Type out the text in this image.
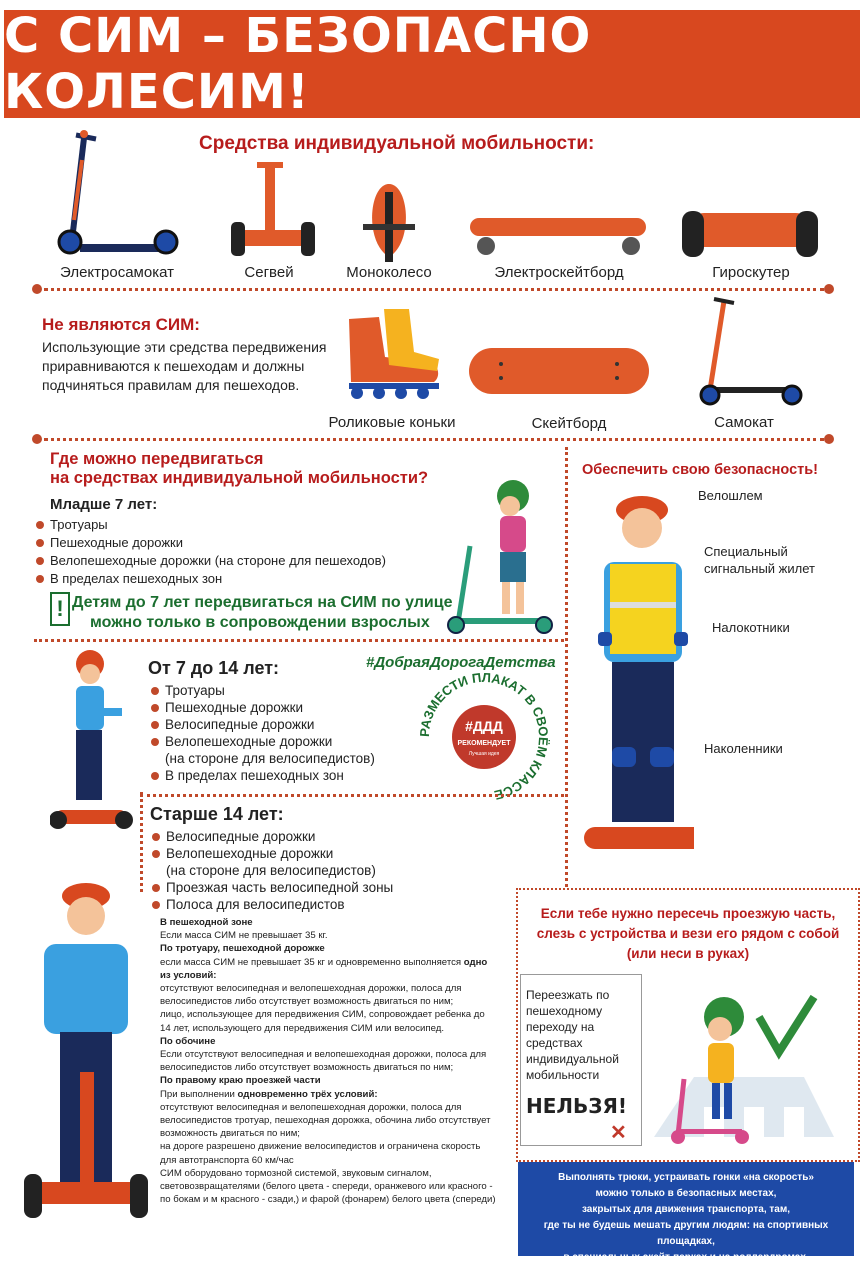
С СИМ – БЕЗОПАСНО КОЛЕСИМ!
Средства индивидуальной мобильности:
Электросамокат	Сегвей	Моноколесо	Электроскейтборд	Гироскутер
Не являются СИМ:
Использующие эти средства передвижения приравниваются к пешеходам и должны подчиняться правилам для пешеходов.
Роликовые коньки	Скейтборд	Самокат
Где можно передвигаться
на средствах индивидуальной мобильности?
Младше 7 лет:
Тротуары
Пешеходные дорожки
Велопешеходные дорожки (на стороне для пешеходов)
В пределах пешеходных зон
! Детям до 7 лет передвигаться на СИМ по улице
можно только в сопровождении взрослых
От 7 до 14 лет:
Тротуары
Пешеходные дорожки
Велосипедные дорожки
Велопешеходные дорожки
(на стороне для велосипедистов)
В пределах пешеходных зон
#ДобраяДорогаДетства
РАЗМЕСТИ ПЛАКАТ В СВОЁМ КЛАССЕ
#ДДД
РЕКОМЕНДУЕТ
Лучшая идея
Старше 14 лет:
Велосипедные дорожки
Велопешеходные дорожки
(на стороне для велосипедистов)
Проезжая часть велосипедной зоны
Полоса для велосипедистов
Обеспечить свою безопасность!
Велошлем
Специальный
сигнальный жилет
Налокотники
Наколенники
В пешеходной зоне
Если масса СИМ не превышает 35 кг.
По тротуару, пешеходной дорожке
если масса СИМ не превышает 35 кг и одновременно выполняется одно из условий:
отсутствуют велосипедная и велопешеходная дорожки, полоса для велосипедистов либо отсутствует возможность двигаться по ним;
лицо, использующее для передвижения СИМ, сопровождает ребенка до 14 лет, использующего для передвижения СИМ или велосипед.
По обочине
Если отсутствуют велосипедная и велопешеходная дорожки, полоса для велосипедистов либо отсутствует возможность двигаться по ним;
По правому краю проезжей части
При выполнении одновременно трёх условий:
отсутствуют велосипедная и велопешеходная дорожки, полоса для велосипедистов тротуар, пешеходная дорожка, обочина либо отсутствует возможность двигаться по ним;
на дороге разрешено движение велосипедистов и ограничена скорость для автотранспорта 60 км/час
СИМ оборудовано тормозной системой, звуковым сигналом, световозвращателями (белого цвета - спереди, оранжевого или красного - по бокам и м красного - сзади,) и фарой (фонарем) белого цвета (спереди)
Если тебе нужно пересечь проезжую часть, слезь с устройства и вези его рядом с собой (или неси в руках)
Переезжать по пешеходному переходу на средствах индивидуальной мобильности
НЕЛЬЗЯ!
✕
Выполнять трюки, устраивать гонки «на скорость»
можно только в безопасных местах,
закрытых для движения транспорта, там,
где ты не будешь мешать другим людям: на спортивных площадках,
в специальных скейт-парках и на роллердромах.
